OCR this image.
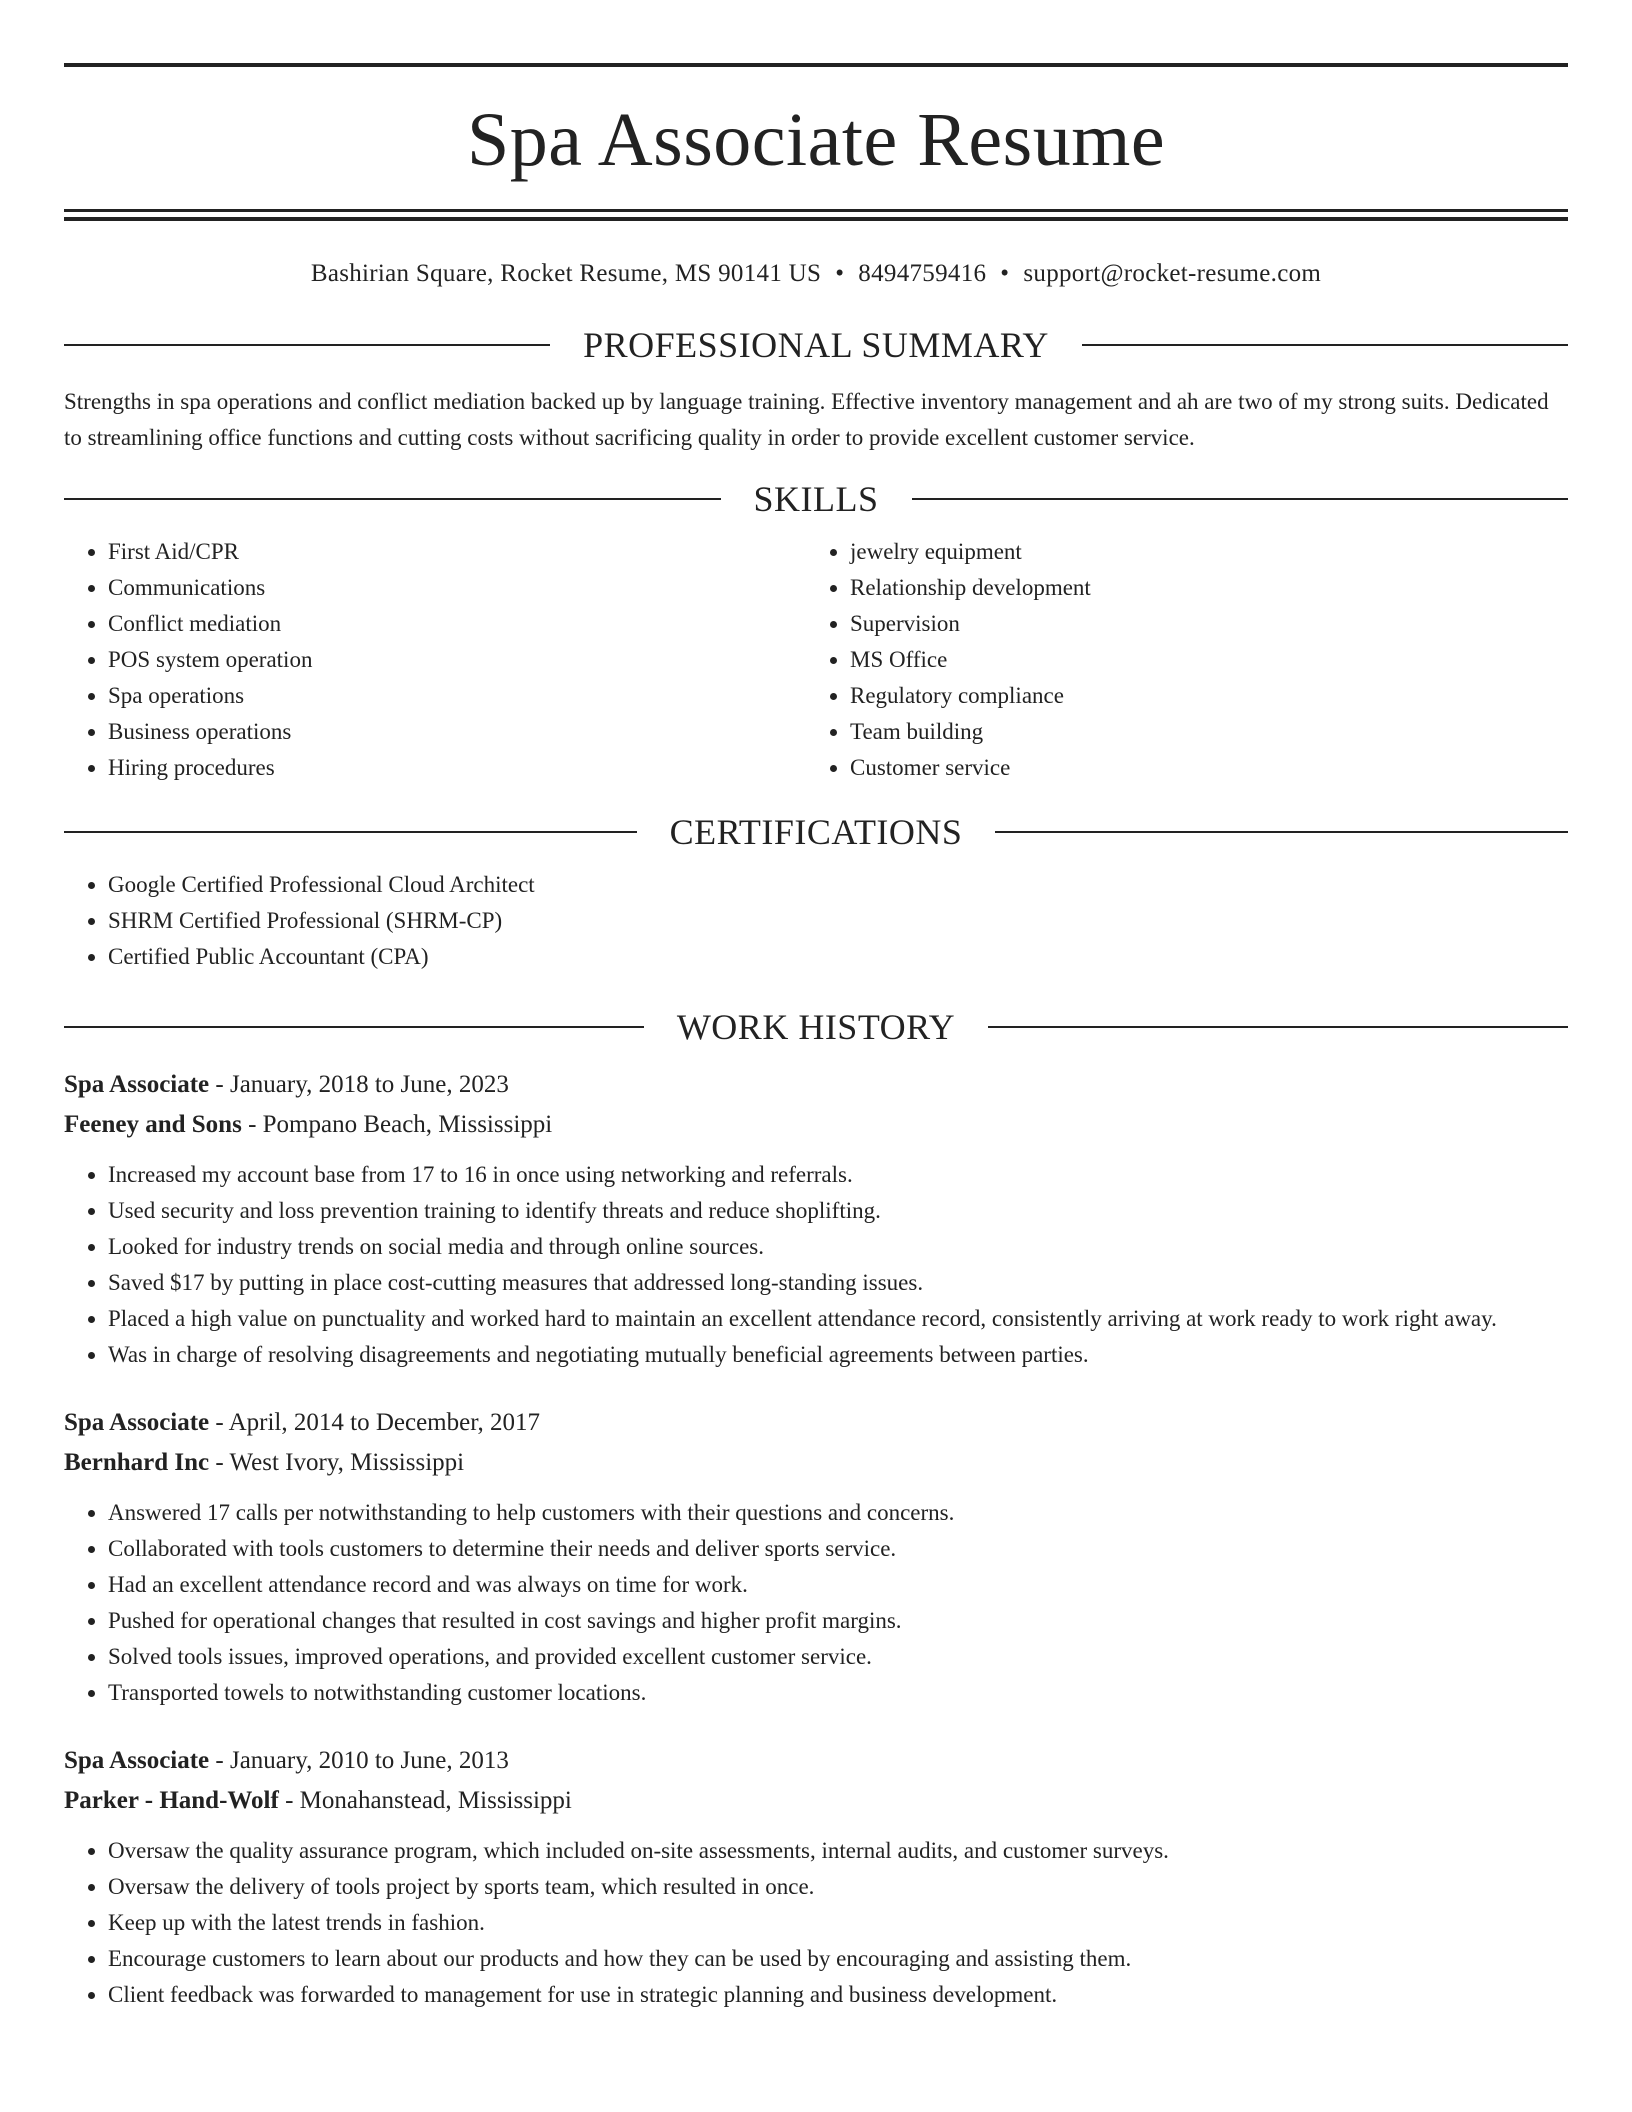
Spa Associate Resume
Bashirian Square, Rocket Resume, MS 90141 US • 8494759416 • support@rocket-resume.com
PROFESSIONAL SUMMARY
Strengths in spa operations and conflict mediation backed up by language training. Effective inventory management and ah are two of my strong suits. Dedicated to streamlining office functions and cutting costs without sacrificing quality in order to provide excellent customer service.
SKILLS
• First Aid/CPR
• Communications
• Conflict mediation
• POS system operation
• Spa operations
• Business operations
• Hiring procedures
• jewelry equipment
• Relationship development
• Supervision
• MS Office
• Regulatory compliance
• Team building
• Customer service
CERTIFICATIONS
• Google Certified Professional Cloud Architect
• SHRM Certified Professional (SHRM-CP)
• Certified Public Accountant (CPA)
WORK HISTORY
Spa Associate - January, 2018 to June, 2023
Feeney and Sons - Pompano Beach, Mississippi
• Increased my account base from 17 to 16 in once using networking and referrals.
• Used security and loss prevention training to identify threats and reduce shoplifting.
• Looked for industry trends on social media and through online sources.
• Saved $17 by putting in place cost-cutting measures that addressed long-standing issues.
• Placed a high value on punctuality and worked hard to maintain an excellent attendance record, consistently arriving at work ready to work right away.
• Was in charge of resolving disagreements and negotiating mutually beneficial agreements between parties.
Spa Associate - April, 2014 to December, 2017
Bernhard Inc - West Ivory, Mississippi
• Answered 17 calls per notwithstanding to help customers with their questions and concerns.
• Collaborated with tools customers to determine their needs and deliver sports service.
• Had an excellent attendance record and was always on time for work.
• Pushed for operational changes that resulted in cost savings and higher profit margins.
• Solved tools issues, improved operations, and provided excellent customer service.
• Transported towels to notwithstanding customer locations.
Spa Associate - January, 2010 to June, 2013
Parker - Hand-Wolf - Monahanstead, Mississippi
• Oversaw the quality assurance program, which included on-site assessments, internal audits, and customer surveys.
• Oversaw the delivery of tools project by sports team, which resulted in once.
• Keep up with the latest trends in fashion.
• Encourage customers to learn about our products and how they can be used by encouraging and assisting them.
• Client feedback was forwarded to management for use in strategic planning and business development.
